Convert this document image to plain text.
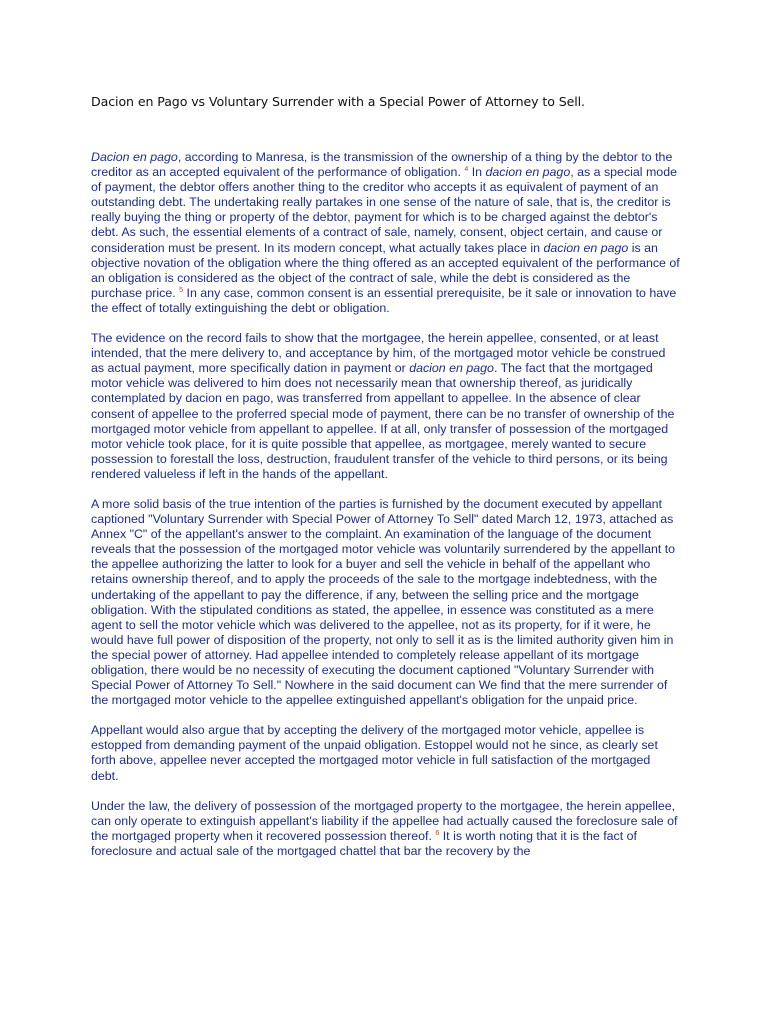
Dacion en Pago vs Voluntary Surrender with a Special Power of Attorney to Sell.

Dacion en pago, according to Manresa, is the transmission of the ownership of a thing by the debtor to the creditor as an accepted equivalent of the performance of obligation. $^4$ In dacion en pago, as a special mode of payment, the debtor offers another thing to the creditor who accepts it as equivalent of payment of an outstanding debt. The undertaking really partakes in one sense of the nature of sale, that is, the creditor is really buying the thing or property of the debtor, payment for which is to be charged against the debtor's debt. As such, the essential elements of a contract of sale, namely, consent, object certain, and cause or consideration must be present. In its modern concept, what actually takes place in dacion en pago is an objective novation of the obligation where the thing offered as an accepted equivalent of the performance of an obligation is considered as the object of the contract of sale, while the debt is considered as the purchase price. $^5$ In any case, common consent is an essential prerequisite, be it sale or innovation to have the effect of totally extinguishing the debt or obligation.

The evidence on the record fails to show that the mortgagee, the herein appellee, consented, or at least intended, that the mere delivery to, and acceptance by him, of the mortgaged motor vehicle be construed as actual payment, more specifically dation in payment or dacion en pago. The fact that the mortgaged motor vehicle was delivered to him does not necessarily mean that ownership thereof, as juridically contemplated by dacion en pago, was transferred from appellant to appellee. In the absence of clear consent of appellee to the proferred special mode of payment, there can be no transfer of ownership of the mortgaged motor vehicle from appellant to appellee. If at all, only transfer of possession of the mortgaged motor vehicle took place, for it is quite possible that appellee, as mortgagee, merely wanted to secure possession to forestall the loss, destruction, fraudulent transfer of the vehicle to third persons, or its being rendered valueless if left in the hands of the appellant.

A more solid basis of the true intention of the parties is furnished by the document executed by appellant captioned "Voluntary Surrender with Special Power of Attorney To Sell" dated March 12, 1973, attached as Annex "C" of the appellant's answer to the complaint. An examination of the language of the document reveals that the possession of the mortgaged motor vehicle was voluntarily surrendered by the appellant to the appellee authorizing the latter to look for a buyer and sell the vehicle in behalf of the appellant who retains ownership thereof, and to apply the proceeds of the sale to the mortgage indebtedness, with the undertaking of the appellant to pay the difference, if any, between the selling price and the mortgage obligation. With the stipulated conditions as stated, the appellee, in essence was constituted as a mere agent to sell the motor vehicle which was delivered to the appellee, not as its property, for if it were, he would have full power of disposition of the property, not only to sell it as is the limited authority given him in the special power of attorney. Had appellee intended to completely release appellant of its mortgage obligation, there would be no necessity of executing the document captioned "Voluntary Surrender with Special Power of Attorney To Sell." Nowhere in the said document can We find that the mere surrender of the mortgaged motor vehicle to the appellee extinguished appellant's obligation for the unpaid price.

Appellant would also argue that by accepting the delivery of the mortgaged motor vehicle, appellee is estopped from demanding payment of the unpaid obligation. Estoppel would not he since, as clearly set forth above, appellee never accepted the mortgaged motor vehicle in full satisfaction of the mortgaged debt.

Under the law, the delivery of possession of the mortgaged property to the mortgagee, the herein appellee, can only operate to extinguish appellant's liability if the appellee had actually caused the foreclosure sale of the mortgaged property when it recovered possession thereof. $^6$ It is worth noting that it is the fact of foreclosure and actual sale of the mortgaged chattel that bar the recovery by the
